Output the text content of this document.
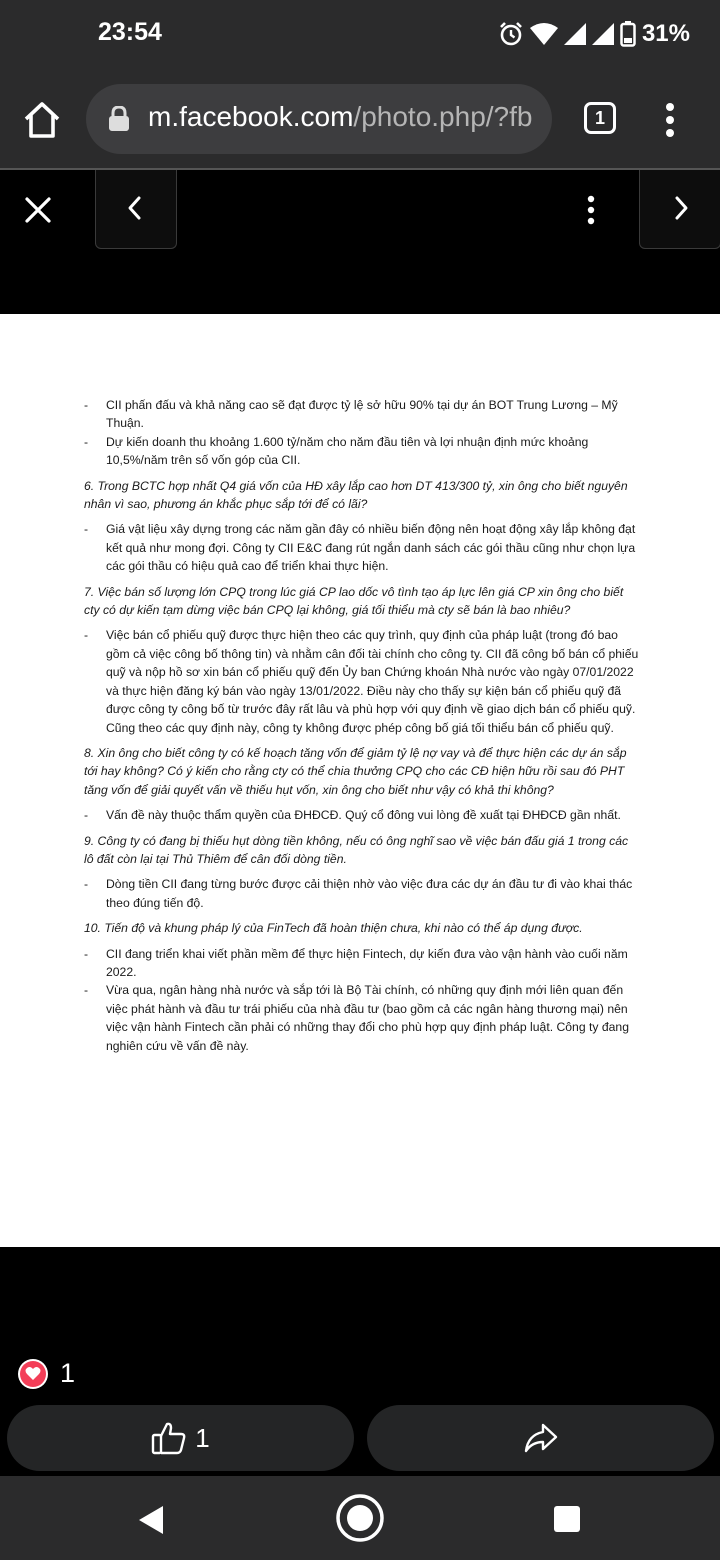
23:54	31%
m.facebook.com/photo.php/?fb	1

- CII phấn đấu và khả năng cao sẽ đạt được tỷ lệ sở hữu 90% tại dự án BOT Trung Lương – Mỹ Thuận.

- Dự kiến doanh thu khoảng 1.600 tỷ/năm cho năm đầu tiên và lợi nhuận định mức khoảng 10,5%/năm trên số vốn góp của CII.

6. Trong BCTC hợp nhất Q4 giá vốn của HĐ xây lắp cao hơn DT 413/300 tỷ, xin ông cho biết nguyên nhân vì sao, phương án khắc phục sắp tới để có lãi?

- Giá vật liệu xây dựng trong các năm gần đây có nhiều biến động nên hoạt động xây lắp không đạt kết quả như mong đợi. Công ty CII E&C đang rút ngắn danh sách các gói thầu cũng như chọn lựa các gói thầu có hiệu quả cao để triển khai thực hiện.

7. Việc bán số lượng lớn CPQ trong lúc giá CP lao dốc vô tình tạo áp lực lên giá CP xin ông cho biết cty có dự kiến tạm dừng việc bán CPQ lại không, giá tối thiểu mà cty sẽ bán là bao nhiêu?

- Việc bán cổ phiếu quỹ được thực hiện theo các quy trình, quy định của pháp luật (trong đó bao gồm cả việc công bố thông tin) và nhằm cân đối tài chính cho công ty. CII đã công bố bán cổ phiếu quỹ và nộp hồ sơ xin bán cổ phiếu quỹ đến Ủy ban Chứng khoán Nhà nước vào ngày 07/01/2022 và thực hiện đăng ký bán vào ngày 13/01/2022. Điều này cho thấy sự kiện bán cổ phiếu quỹ đã được công ty công bố từ trước đây rất lâu và phù hợp với quy định về giao dịch bán cổ phiếu quỹ. Cũng theo các quy định này, công ty không được phép công bố giá tối thiểu bán cổ phiếu quỹ.

8. Xin ông cho biết công ty có kế hoạch tăng vốn để giảm tỷ lệ nợ vay và để thực hiện các dự án sắp tới hay không? Có ý kiến cho rằng cty có thể chia thưởng CPQ cho các CĐ hiện hữu rồi sau đó PHT tăng vốn để giải quyết vấn về thiếu hụt vốn, xin ông cho biết như vậy có khả thi không?

- Vấn đề này thuộc thẩm quyền của ĐHĐCĐ. Quý cổ đông vui lòng đề xuất tại ĐHĐCĐ gần nhất.

9. Công ty có đang bị thiếu hụt dòng tiền không, nếu có ông nghĩ sao về việc bán đấu giá 1 trong các lô đất còn lại tại Thủ Thiêm để cân đối dòng tiền.

- Dòng tiền CII đang từng bước được cải thiện nhờ vào việc đưa các dự án đầu tư đi vào khai thác theo đúng tiến độ.

10. Tiến độ và khung pháp lý của FinTech đã hoàn thiện chưa, khi nào có thể áp dụng được.

- CII đang triển khai viết phần mềm để thực hiện Fintech, dự kiến đưa vào vận hành vào cuối năm 2022.

- Vừa qua, ngân hàng nhà nước và sắp tới là Bộ Tài chính, có những quy định mới liên quan đến việc phát hành và đầu tư trái phiếu của nhà đầu tư (bao gồm cả các ngân hàng thương mại) nên việc vận hành Fintech cần phải có những thay đổi cho phù hợp quy định pháp luật. Công ty đang nghiên cứu về vấn đề này.

1
1
